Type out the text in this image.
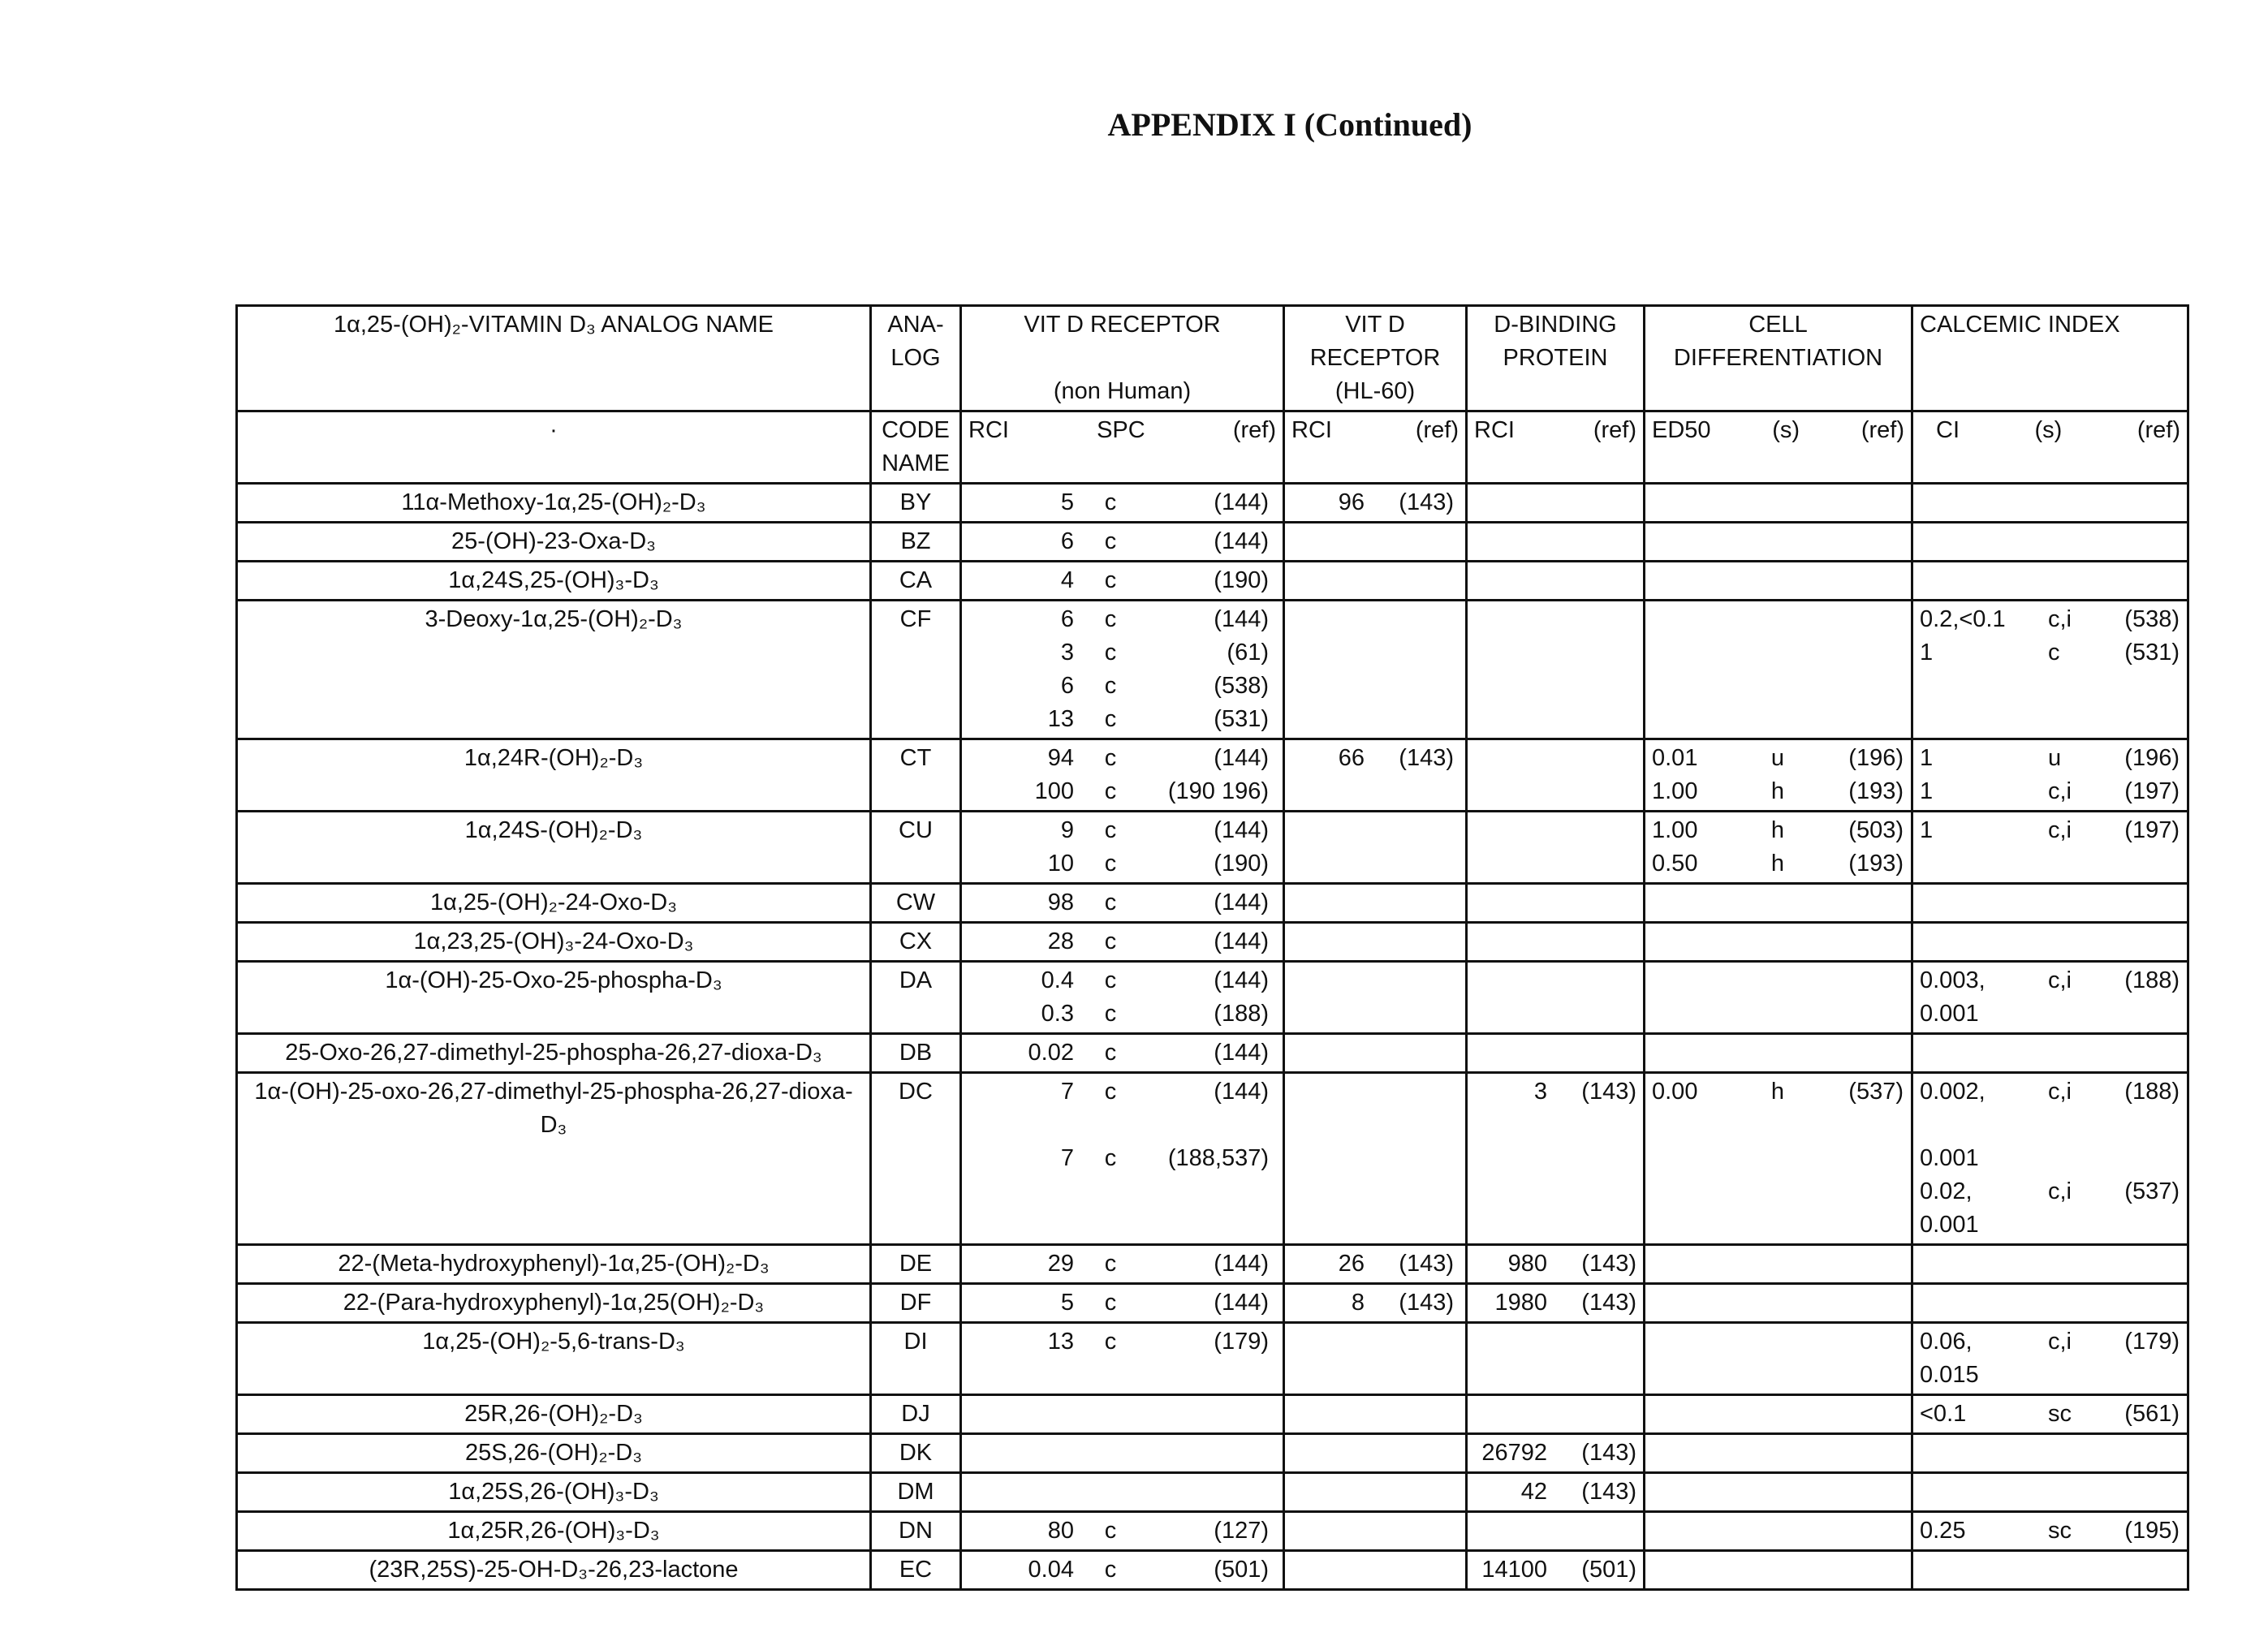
APPENDIX I (Continued)
1α,25-(OH)₂-VITAMIN D₃ ANALOG NAME	ANA-LOG	
VIT D RECEPTOR
(non Human)
	VIT D RECEPTOR (HL-60)	D-BINDING PROTEIN	CELL DIFFERENTIATION	CALCEMIC INDEX
·	CODE NAME	
RCI	SPC	(ref)	RCI	(ref)	RCI	(ref)	ED50	(s)	(ref)	CI	(s)	(ref)

11α-Methoxy-1α,25-(OH)₂-D₃	BY	5	c	(144)	96	(143)

25-(OH)-23-Oxa-D₃	BZ	6	c	(144)

1α,24S,25-(OH)₃-D₃	CA	4	c	(190)

3-Deoxy-1α,25-(OH)₂-D₃	CF	6	c	(144)
3	c	(61)
6	c	(538)
13	c	(531)

0.2,<0.1	c,i	(538)
1	c	(531)

1α,24R-(OH)₂-D₃	CT	94	c	(144)
100	c	(190 196)

66	(143)		0.01	u	(196)
1.00	h	(193)

1	u	(196)
1	c,i	(197)

1α,24S-(OH)₂-D₃	CU	9	c	(144)
10	c	(190)

1.00	h	(503)
0.50	h	(193)

1	c,i	(197)

1α,25-(OH)₂-24-Oxo-D₃	CW	98	c	(144)

1α,23,25-(OH)₃-24-Oxo-D₃	CX	28	c	(144)

1α-(OH)-25-Oxo-25-phospha-D₃	DA	0.4	c	(144)
0.3	c	(188)

0.003,	c,i	(188)
0.001

25-Oxo-26,27-dimethyl-25-phospha-26,27-dioxa-D₃	DB	0.02	c	(144)

1α-(OH)-25-oxo-26,27-dimethyl-25-phospha-26,27-dioxa- D₃	DC	7	c	(144)
7	c	(188,537)

3	(143)	0.00	h	(537)	0.002,	c,i	(188)
0.001
0.02,	c,i	(537)
0.001

22-(Meta-hydroxyphenyl)-1α,25-(OH)₂-D₃	DE	29	c	(144)	26	(143)	980	(143)

22-(Para-hydroxyphenyl)-1α,25(OH)₂-D₃	DF	5	c	(144)	8	(143)	1980	(143)

1α,25-(OH)₂-5,6-trans-D₃	DI	13	c	(179)				0.06,	c,i	(179)
0.015

25R,26-(OH)₂-D₃	DJ					<0.1	sc	(561)

25S,26-(OH)₂-D₃	DK			26792	(143)

1α,25S,26-(OH)₃-D₃	DM			42	(143)

1α,25R,26-(OH)₃-D₃	DN	80	c	(127)				0.25	sc	(195)

(23R,25S)-25-OH-D₃-26,23-lactone	EC	0.04	c	(501)		14100	(501)
